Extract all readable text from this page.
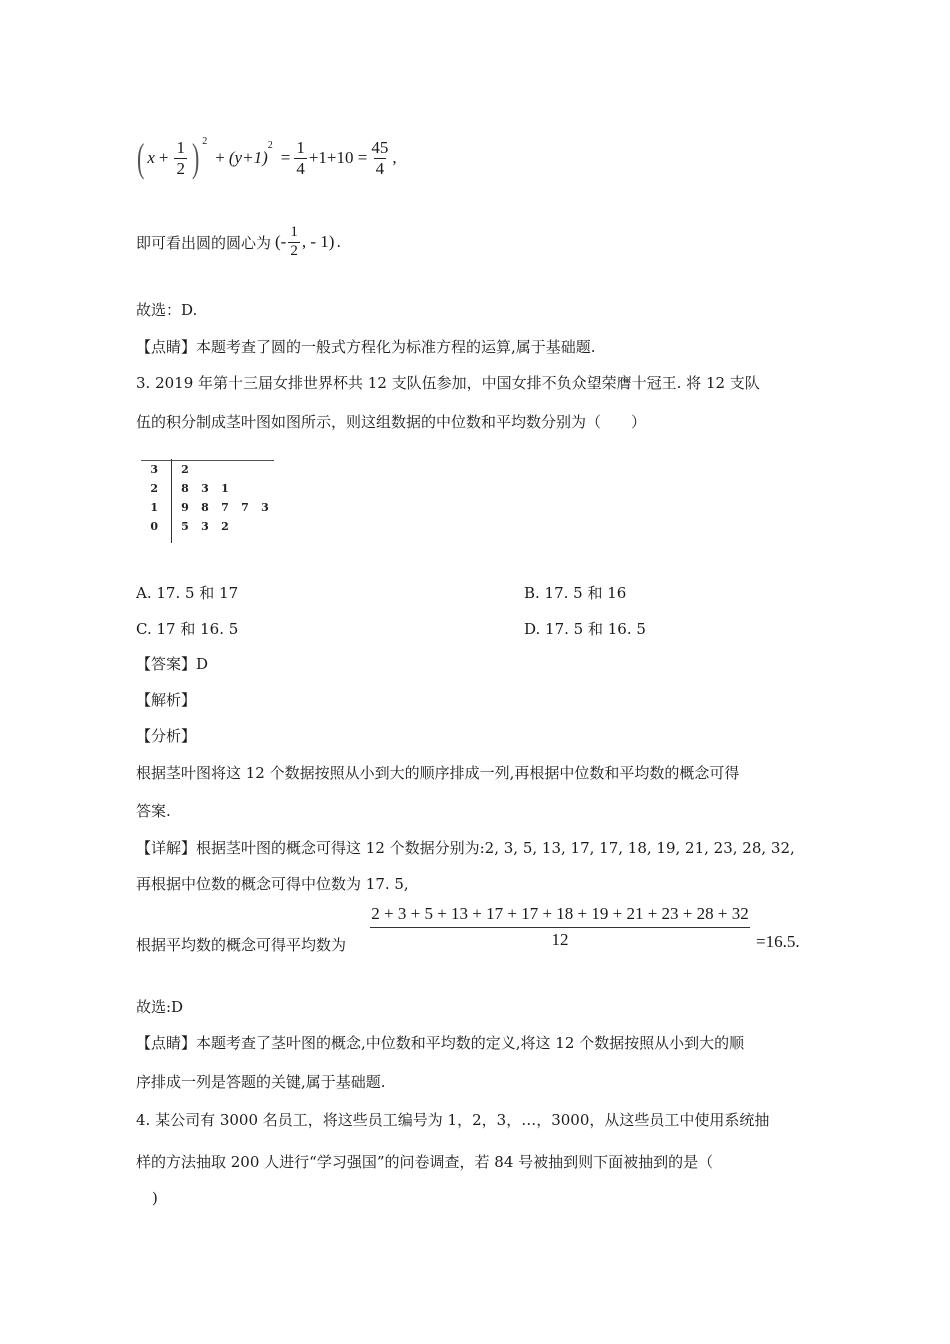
( $x + \frac{1}{2}$ ) $^2$
+ (y+1)
$^2$
= $\frac{1}{4} +1+10 = \frac{45}{4}$ ,
即可看出圆的圆心为 (- $\frac{1}{2}$ , - 1) .
故选：D.
【点睛】本题考查了圆的一般式方程化为标准方程的运算,属于基础题.
3. 2019 年第十三届女排世界杯共 12 支队伍参加，中国女排不负众望荣膺十冠王. 将 12 支队
伍的积分制成茎叶图如图所示，则这组数据的中位数和平均数分别为（　　）
3 2
2 8 3 1
1 9 8 7 7 3
0 5 3 2
A. 17. 5 和 17	B. 17. 5 和 16
C. 17 和 16. 5	D. 17. 5 和 16. 5
【答案】D
【解析】
【分析】
根据茎叶图将这 12 个数据按照从小到大的顺序排成一列,再根据中位数和平均数的概念可得
答案.
【详解】根据茎叶图的概念可得这 12 个数据分别为:2, 3, 5, 13, 17, 17, 18, 19, 21, 23, 28, 32,
再根据中位数的概念可得中位数为 17. 5,
根据平均数的概念可得平均数为 $\frac{2 + 3 + 5 + 13 + 17 + 17 + 18 + 19 + 21 + 23 + 28 + 32}{12} =16.5$.
故选:D
【点睛】本题考查了茎叶图的概念,中位数和平均数的定义,将这 12 个数据按照从小到大的顺
序排成一列是答题的关键,属于基础题.
4. 某公司有 3000 名员工，将这些员工编号为 1，2，3，…，3000，从这些员工中使用系统抽
样的方法抽取 200 人进行“学习强国”的问卷调查，若 84 号被抽到则下面被抽到的是（
)
